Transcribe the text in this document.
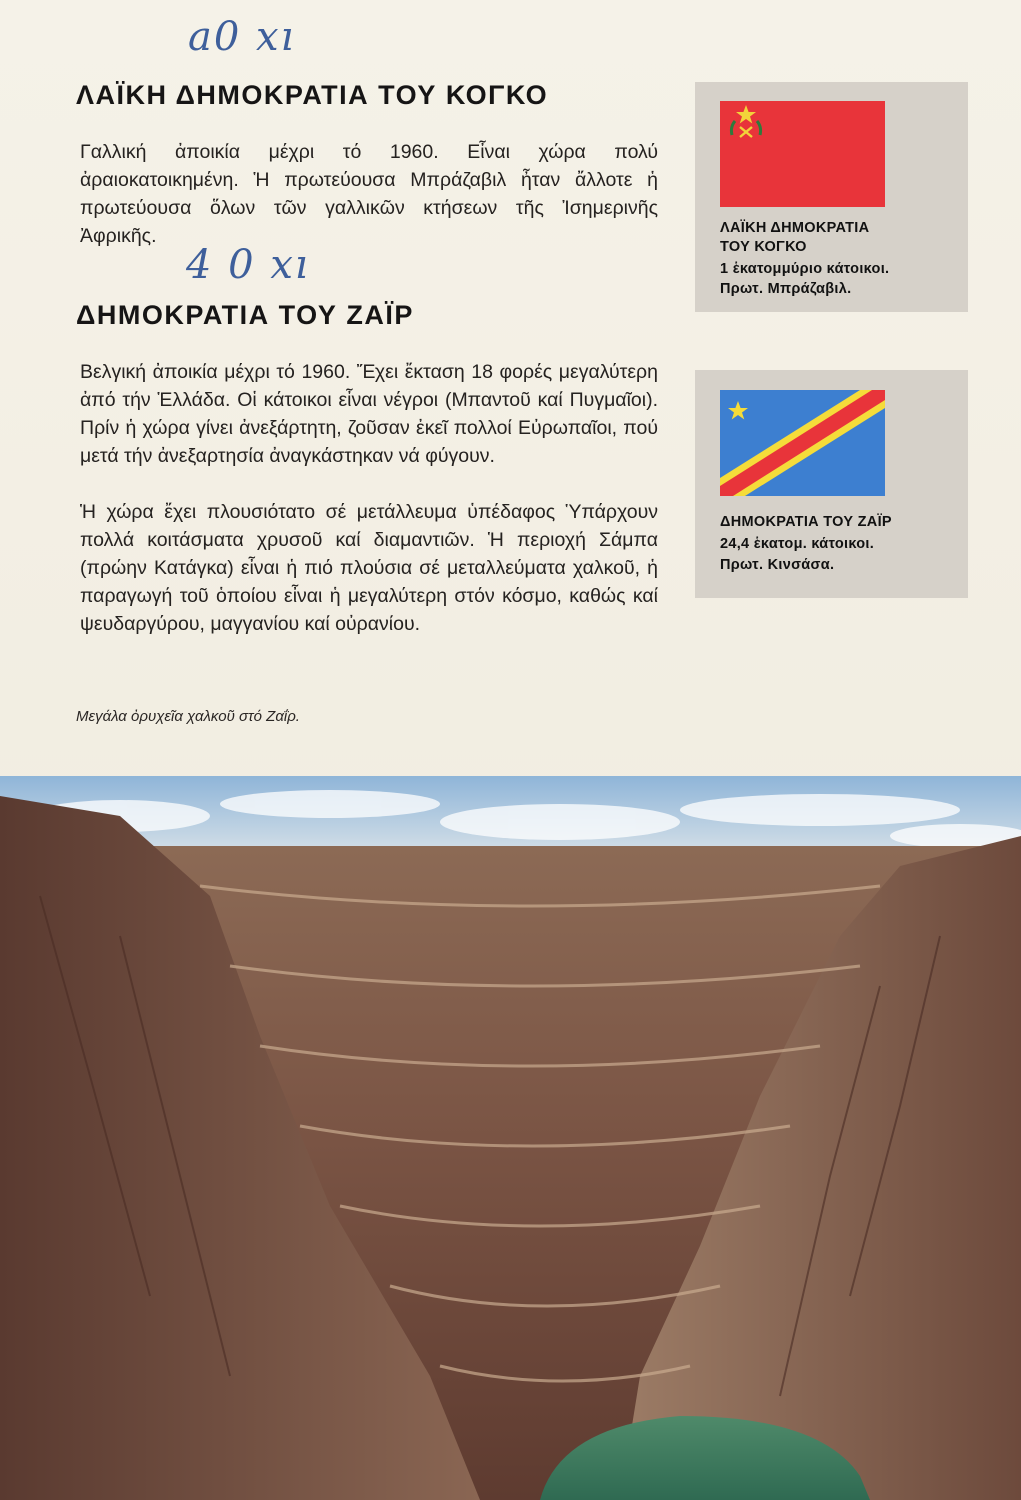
a0 xı
4 0 xı
ΛΑΪΚΗ ΔΗΜΟΚΡΑΤΙΑ ΤΟΥ ΚΟΓΚΟ

Γαλλική ἀποικία μέχρι τό 1960. Εἶναι χώρα πολύ ἀραιοκατοικημένη. Ἡ πρωτεύουσα Μπράζαβιλ ἦταν ἄλλοτε ἡ πρωτεύουσα ὅλων τῶν γαλλικῶν κτήσεων τῆς Ἰσημερινῆς Ἀφρικῆς.

ΔΗΜΟΚΡΑΤΙΑ ΤΟΥ ΖΑΪΡ

Βελγική ἀποικία μέχρι τό 1960. Ἔχει ἔκταση 18 φορές μεγαλύτερη ἀπό τήν Ἑλλάδα. Οἱ κάτοικοι εἶναι νέγροι (Μπαντοῦ καί Πυγμαῖοι). Πρίν ἡ χώρα γίνει ἀνεξάρτητη, ζοῦσαν ἐκεῖ πολλοί Εὐρωπαῖοι, πού μετά τήν ἀνεξαρτησία ἀναγκάστηκαν νά φύγουν.

Ἡ χώρα ἔχει πλουσιότατο σέ μετάλλευμα ὑπέδαφος Ὑπάρχουν πολλά κοιτάσματα χρυσοῦ καί διαμαντιῶν. Ἡ περιοχή Σάμπα (πρώην Κατάγκα) εἶναι ἡ πιό πλούσια σέ μεταλλεύματα χαλκοῦ, ἡ παραγωγή τοῦ ὁποίου εἶναι ἡ μεγαλύτερη στόν κόσμο, καθώς καί ψευδαργύρου, μαγγανίου καί οὐρανίου.

Μεγάλα ὀρυχεῖα χαλκοῦ στό Ζαΐρ.

ΛΑΪΚΗ ΔΗΜΟΚΡΑΤΙΑ
ΤΟΥ ΚΟΓΚΟ
1 ἑκατομμύριο κάτοικοι.
Πρωτ. Μπράζαβιλ.
ΔΗΜΟΚΡΑΤΙΑ ΤΟΥ ΖΑΪΡ
24,4 ἑκατομ. κάτοικοι.
Πρωτ. Κινσάσα.
